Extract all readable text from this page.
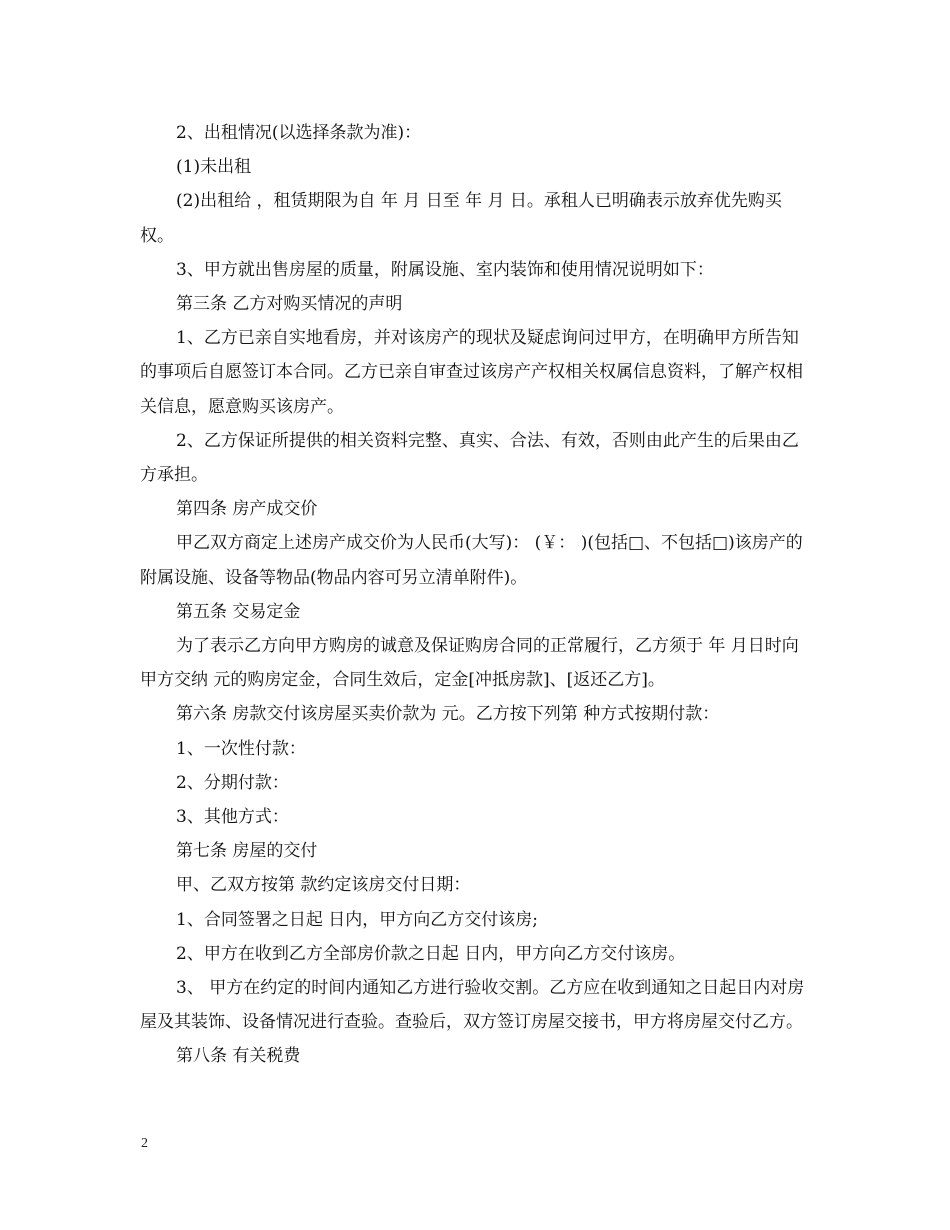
2、出租情况(以选择条款为准)：

(1)未出租

(2)出租给 ，租赁期限为自 年 月 日至 年 月 日。承租人已明确表示放弃优先购买权。

3、甲方就出售房屋的质量，附属设施、室内装饰和使用情况说明如下：

第三条 乙方对购买情况的声明

1、乙方已亲自实地看房，并对该房产的现状及疑虑询问过甲方，在明确甲方所告知的事项后自愿签订本合同。乙方已亲自审查过该房产产权相关权属信息资料，了解产权相关信息，愿意购买该房产。

2、乙方保证所提供的相关资料完整、真实、合法、有效，否则由此产生的后果由乙方承担。

第四条 房产成交价

甲乙双方商定上述房产成交价为人民币(大写)： (￥： )(包括□、不包括□)该房产的附属设施、设备等物品(物品内容可另立清单附件)。

第五条 交易定金

为了表示乙方向甲方购房的诚意及保证购房合同的正常履行，乙方须于 年 月日时向甲方交纳 元的购房定金，合同生效后，定金[冲抵房款]、[返还乙方]。

第六条 房款交付该房屋买卖价款为 元。乙方按下列第 种方式按期付款：

1、一次性付款：

2、分期付款：

3、其他方式：

第七条 房屋的交付

甲、乙双方按第 款约定该房交付日期：

1、合同签署之日起 日内，甲方向乙方交付该房;

2、甲方在收到乙方全部房价款之日起 日内，甲方向乙方交付该房。

3、 甲方在约定的时间内通知乙方进行验收交割。乙方应在收到通知之日起日内对房屋及其装饰、设备情况进行查验。查验后，双方签订房屋交接书，甲方将房屋交付乙方。

第八条 有关税费

2
